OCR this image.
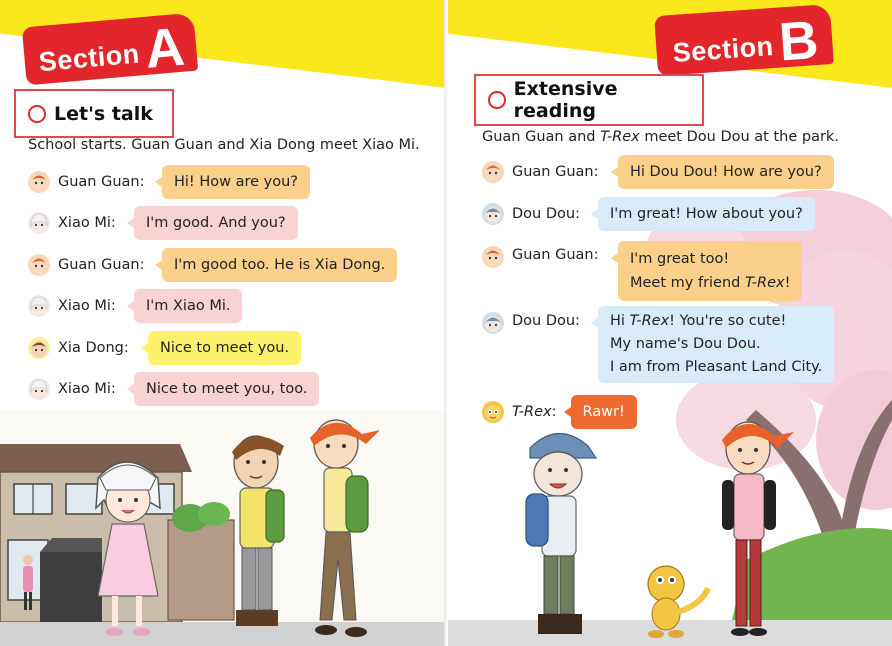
Section A
Let's talk
School starts. Guan Guan and Xia Dong meet Xiao Mi.
Guan Guan:	Hi! How are you?
Xiao Mi:	I'm good. And you?
Guan Guan:	I'm good too. He is Xia Dong.
Xiao Mi:	I'm Xiao Mi.
Xia Dong:	Nice to meet you.
Xiao Mi:	Nice to meet you, too.
Section B
Extensive reading
Guan Guan and T-Rex meet Dou Dou at the park.
Guan Guan:	Hi Dou Dou! How are you?
Dou Dou:	I'm great! How about you?
Guan Guan:	I'm great too!
Meet my friend T-Rex!
Dou Dou:	Hi T-Rex! You're so cute!
My name's Dou Dou.
I am from Pleasant Land City.
T-Rex :	Rawr!
